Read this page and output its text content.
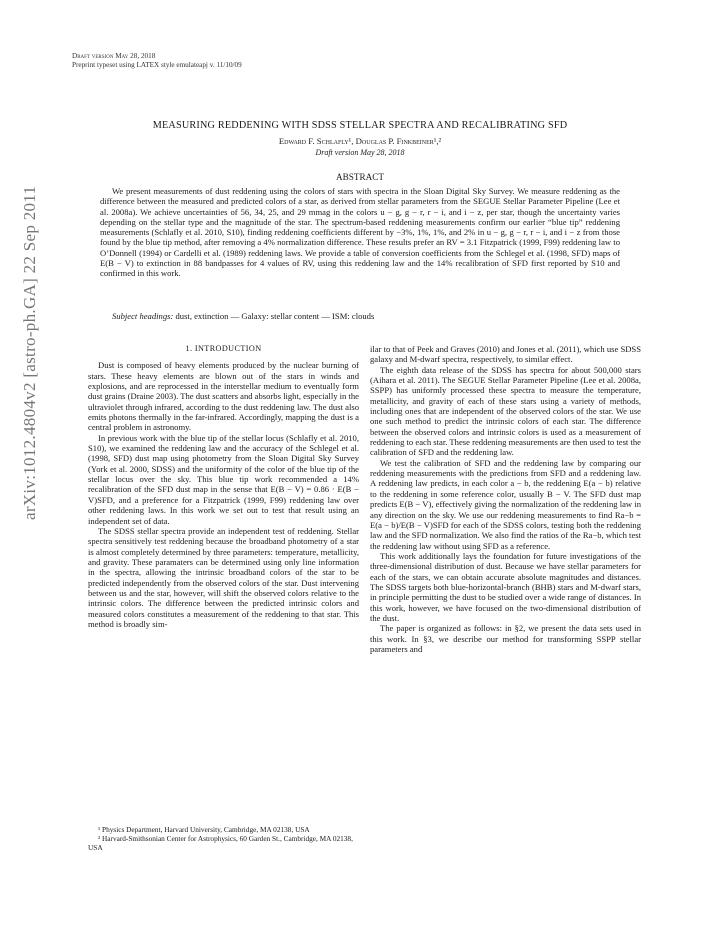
arXiv:1012.4804v2 [astro-ph.GA] 22 Sep 2011
Draft version May 28, 2018
Preprint typeset using LATEX style emulateapj v. 11/10/09
MEASURING REDDENING WITH SDSS STELLAR SPECTRA AND RECALIBRATING SFD
Edward F. Schlafly¹, Douglas P. Finkbeiner¹,²
Draft version May 28, 2018
ABSTRACT
We present measurements of dust reddening using the colors of stars with spectra in the Sloan Digital Sky Survey. We measure reddening as the difference between the measured and predicted colors of a star, as derived from stellar parameters from the SEGUE Stellar Parameter Pipeline (Lee et al. 2008a). We achieve uncertainties of 56, 34, 25, and 29 mmag in the colors u − g, g − r, r − i, and i − z, per star, though the uncertainty varies depending on the stellar type and the magnitude of the star. The spectrum-based reddening measurements confirm our earlier “blue tip” reddening measurements (Schlafly et al. 2010, S10), finding reddening coefficients different by −3%, 1%, 1%, and 2% in u − g, g − r, r − i, and i − z from those found by the blue tip method, after removing a 4% normalization difference. These results prefer an RV = 3.1 Fitzpatrick (1999, F99) reddening law to O’Donnell (1994) or Cardelli et al. (1989) reddening laws. We provide a table of conversion coefficients from the Schlegel et al. (1998, SFD) maps of E(B − V) to extinction in 88 bandpasses for 4 values of RV, using this reddening law and the 14% recalibration of SFD first reported by S10 and confirmed in this work.
Subject headings: dust, extinction — Galaxy: stellar content — ISM: clouds
1. INTRODUCTION

Dust is composed of heavy elements produced by the nuclear burning of stars. These heavy elements are blown out of the stars in winds and explosions, and are reprocessed in the interstellar medium to eventually form dust grains (Draine 2003). The dust scatters and absorbs light, especially in the ultraviolet through infrared, according to the dust reddening law. The dust also emits photons thermally in the far-infrared. Accordingly, mapping the dust is a central problem in astronomy.

In previous work with the blue tip of the stellar locus (Schlafly et al. 2010, S10), we examined the reddening law and the accuracy of the Schlegel et al. (1998, SFD) dust map using photometry from the Sloan Digital Sky Survey (York et al. 2000, SDSS) and the uniformity of the color of the blue tip of the stellar locus over the sky. This blue tip work recommended a 14% recalibration of the SFD dust map in the sense that E(B − V) = 0.86 · E(B − V)SFD, and a preference for a Fitzpatrick (1999, F99) reddening law over other reddening laws. In this work we set out to test that result using an independent set of data.

The SDSS stellar spectra provide an independent test of reddening. Stellar spectra sensitively test reddening because the broadband photometry of a star is almost completely determined by three parameters: temperature, metallicity, and gravity. These paramaters can be determined using only line information in the spectra, allowing the intrinsic broadband colors of the star to be predicted independently from the observed colors of the star. Dust intervening between us and the star, however, will shift the observed colors relative to the intrinsic colors. The difference between the predicted intrinsic colors and measured colors constitutes a measurement of the reddening to that star. This method is broadly sim-

ilar to that of Peek and Graves (2010) and Jones et al. (2011), which use SDSS galaxy and M-dwarf spectra, respectively, to similar effect.

The eighth data release of the SDSS has spectra for about 500,000 stars (Aihara et al. 2011). The SEGUE Stellar Parameter Pipeline (Lee et al. 2008a, SSPP) has uniformly processed these spectra to measure the temperature, metallicity, and gravity of each of these stars using a variety of methods, including ones that are independent of the observed colors of the star. We use one such method to predict the intrinsic colors of each star. The difference between the observed colors and intrinsic colors is used as a measurement of reddening to each star. These reddening measurements are then used to test the calibration of SFD and the reddening law.

We test the calibration of SFD and the reddening law by comparing our reddening measurements with the predictions from SFD and a reddening law. A reddening law predicts, in each color a − b, the reddening E(a − b) relative to the reddening in some reference color, usually B − V. The SFD dust map predicts E(B − V), effectively giving the normalization of the reddening law in any direction on the sky. We use our reddening measurements to find Ra−b = E(a − b)/E(B − V)SFD for each of the SDSS colors, testing both the reddening law and the SFD normalization. We also find the ratios of the Ra−b, which test the reddening law without using SFD as a reference.

This work additionally lays the foundation for future investigations of the three-dimensional distribution of dust. Because we have stellar parameters for each of the stars, we can obtain accurate absolute magnitudes and distances. The SDSS targets both blue-horizontal-branch (BHB) stars and M-dwarf stars, in principle permitting the dust to be studied over a wide range of distances. In this work, however, we have focused on the two-dimensional distribution of the dust.

The paper is organized as follows: in §2, we present the data sets used in this work. In §3, we describe our method for transforming SSPP stellar parameters and

¹ Physics Department, Harvard University, Cambridge, MA 02138, USA

² Harvard-Smithsonian Center for Astrophysics, 60 Garden St., Cambridge, MA 02138, USA
